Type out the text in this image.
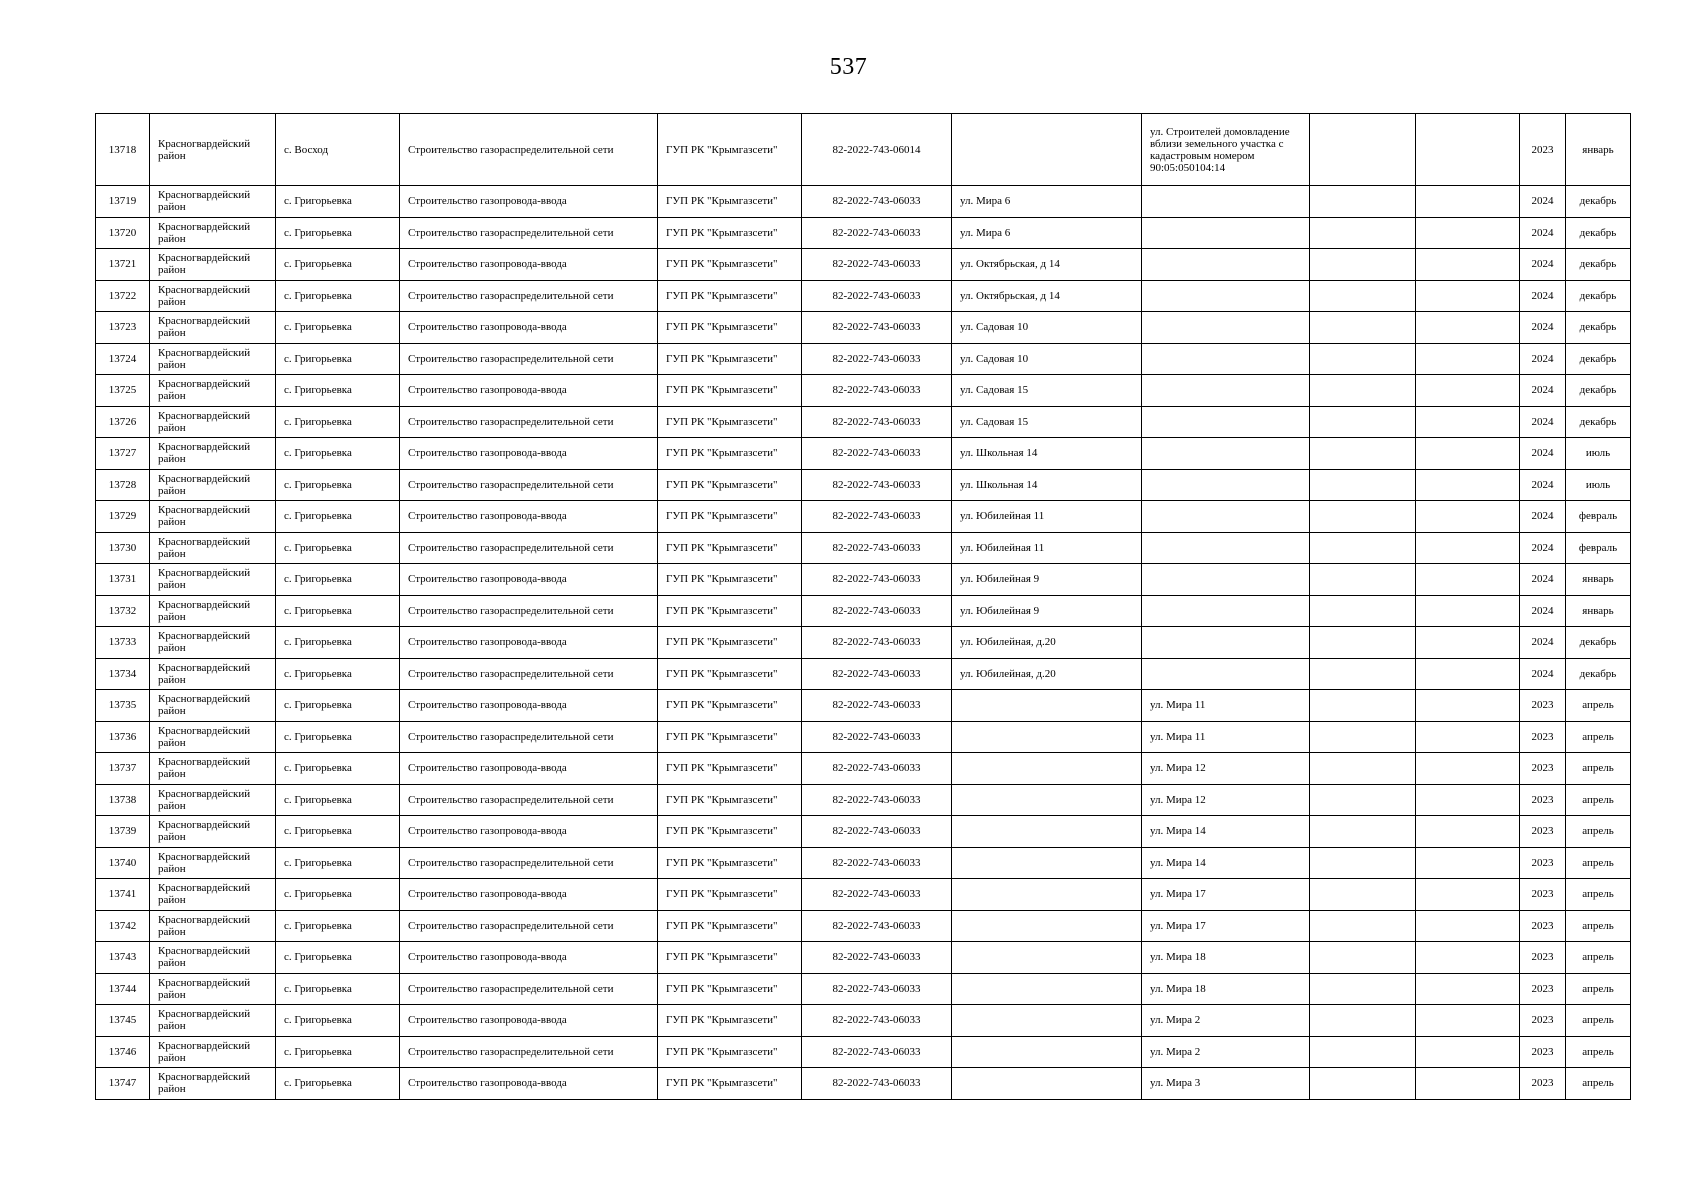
537
13718	Красногвардейский район	с. Восход	Строительство газораспределительной сети	ГУП РК "Крымгазсети"	82-2022-743-06014		ул. Строителей домовладение вблизи земельного участка с кадастровым номером 90:05:050104:14			2023	январь
13719	Красногвардейский район	с. Григорьевка	Строительство газопровода-ввода	ГУП РК "Крымгазсети"	82-2022-743-06033	ул. Мира 6				2024	декабрь
13720	Красногвардейский район	с. Григорьевка	Строительство газораспределительной сети	ГУП РК "Крымгазсети"	82-2022-743-06033	ул. Мира 6				2024	декабрь
13721	Красногвардейский район	с. Григорьевка	Строительство газопровода-ввода	ГУП РК "Крымгазсети"	82-2022-743-06033	ул. Октябрьская, д 14				2024	декабрь
13722	Красногвардейский район	с. Григорьевка	Строительство газораспределительной сети	ГУП РК "Крымгазсети"	82-2022-743-06033	ул. Октябрьская, д 14				2024	декабрь
13723	Красногвардейский район	с. Григорьевка	Строительство газопровода-ввода	ГУП РК "Крымгазсети"	82-2022-743-06033	ул. Садовая 10				2024	декабрь
13724	Красногвардейский район	с. Григорьевка	Строительство газораспределительной сети	ГУП РК "Крымгазсети"	82-2022-743-06033	ул. Садовая 10				2024	декабрь
13725	Красногвардейский район	с. Григорьевка	Строительство газопровода-ввода	ГУП РК "Крымгазсети"	82-2022-743-06033	ул. Садовая 15				2024	декабрь
13726	Красногвардейский район	с. Григорьевка	Строительство газораспределительной сети	ГУП РК "Крымгазсети"	82-2022-743-06033	ул. Садовая 15				2024	декабрь
13727	Красногвардейский район	с. Григорьевка	Строительство газопровода-ввода	ГУП РК "Крымгазсети"	82-2022-743-06033	ул. Школьная 14				2024	июль
13728	Красногвардейский район	с. Григорьевка	Строительство газораспределительной сети	ГУП РК "Крымгазсети"	82-2022-743-06033	ул. Школьная 14				2024	июль
13729	Красногвардейский район	с. Григорьевка	Строительство газопровода-ввода	ГУП РК "Крымгазсети"	82-2022-743-06033	ул. Юбилейная 11				2024	февраль
13730	Красногвардейский район	с. Григорьевка	Строительство газораспределительной сети	ГУП РК "Крымгазсети"	82-2022-743-06033	ул. Юбилейная 11				2024	февраль
13731	Красногвардейский район	с. Григорьевка	Строительство газопровода-ввода	ГУП РК "Крымгазсети"	82-2022-743-06033	ул. Юбилейная 9				2024	январь
13732	Красногвардейский район	с. Григорьевка	Строительство газораспределительной сети	ГУП РК "Крымгазсети"	82-2022-743-06033	ул. Юбилейная 9				2024	январь
13733	Красногвардейский район	с. Григорьевка	Строительство газопровода-ввода	ГУП РК "Крымгазсети"	82-2022-743-06033	ул. Юбилейная, д.20				2024	декабрь
13734	Красногвардейский район	с. Григорьевка	Строительство газораспределительной сети	ГУП РК "Крымгазсети"	82-2022-743-06033	ул. Юбилейная, д.20				2024	декабрь
13735	Красногвардейский район	с. Григорьевка	Строительство газопровода-ввода	ГУП РК "Крымгазсети"	82-2022-743-06033		ул. Мира 11			2023	апрель
13736	Красногвардейский район	с. Григорьевка	Строительство газораспределительной сети	ГУП РК "Крымгазсети"	82-2022-743-06033		ул. Мира 11			2023	апрель
13737	Красногвардейский район	с. Григорьевка	Строительство газопровода-ввода	ГУП РК "Крымгазсети"	82-2022-743-06033		ул. Мира 12			2023	апрель
13738	Красногвардейский район	с. Григорьевка	Строительство газораспределительной сети	ГУП РК "Крымгазсети"	82-2022-743-06033		ул. Мира 12			2023	апрель
13739	Красногвардейский район	с. Григорьевка	Строительство газопровода-ввода	ГУП РК "Крымгазсети"	82-2022-743-06033		ул. Мира 14			2023	апрель
13740	Красногвардейский район	с. Григорьевка	Строительство газораспределительной сети	ГУП РК "Крымгазсети"	82-2022-743-06033		ул. Мира 14			2023	апрель
13741	Красногвардейский район	с. Григорьевка	Строительство газопровода-ввода	ГУП РК "Крымгазсети"	82-2022-743-06033		ул. Мира 17			2023	апрель
13742	Красногвардейский район	с. Григорьевка	Строительство газораспределительной сети	ГУП РК "Крымгазсети"	82-2022-743-06033		ул. Мира 17			2023	апрель
13743	Красногвардейский район	с. Григорьевка	Строительство газопровода-ввода	ГУП РК "Крымгазсети"	82-2022-743-06033		ул. Мира 18			2023	апрель
13744	Красногвардейский район	с. Григорьевка	Строительство газораспределительной сети	ГУП РК "Крымгазсети"	82-2022-743-06033		ул. Мира 18			2023	апрель
13745	Красногвардейский район	с. Григорьевка	Строительство газопровода-ввода	ГУП РК "Крымгазсети"	82-2022-743-06033		ул. Мира 2			2023	апрель
13746	Красногвардейский район	с. Григорьевка	Строительство газораспределительной сети	ГУП РК "Крымгазсети"	82-2022-743-06033		ул. Мира 2			2023	апрель
13747	Красногвардейский район	с. Григорьевка	Строительство газопровода-ввода	ГУП РК "Крымгазсети"	82-2022-743-06033		ул. Мира 3			2023	апрель
